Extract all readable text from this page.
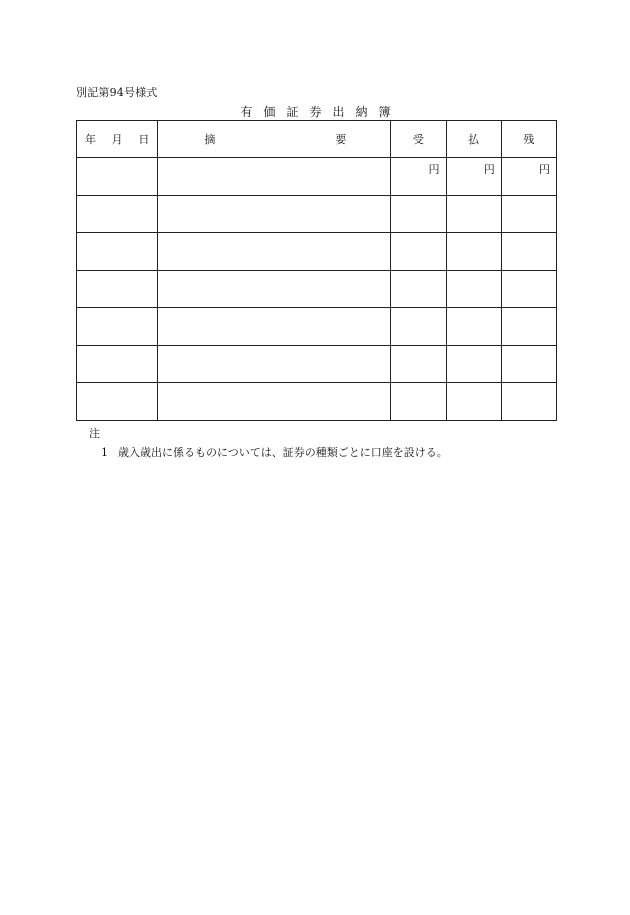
別記第94号様式
有価証券出納簿
年 月 日	摘 要	受	払	残

		円	円	円

注
1 歳入歳出に係るものについては、証券の種類ごとに口座を設ける。
